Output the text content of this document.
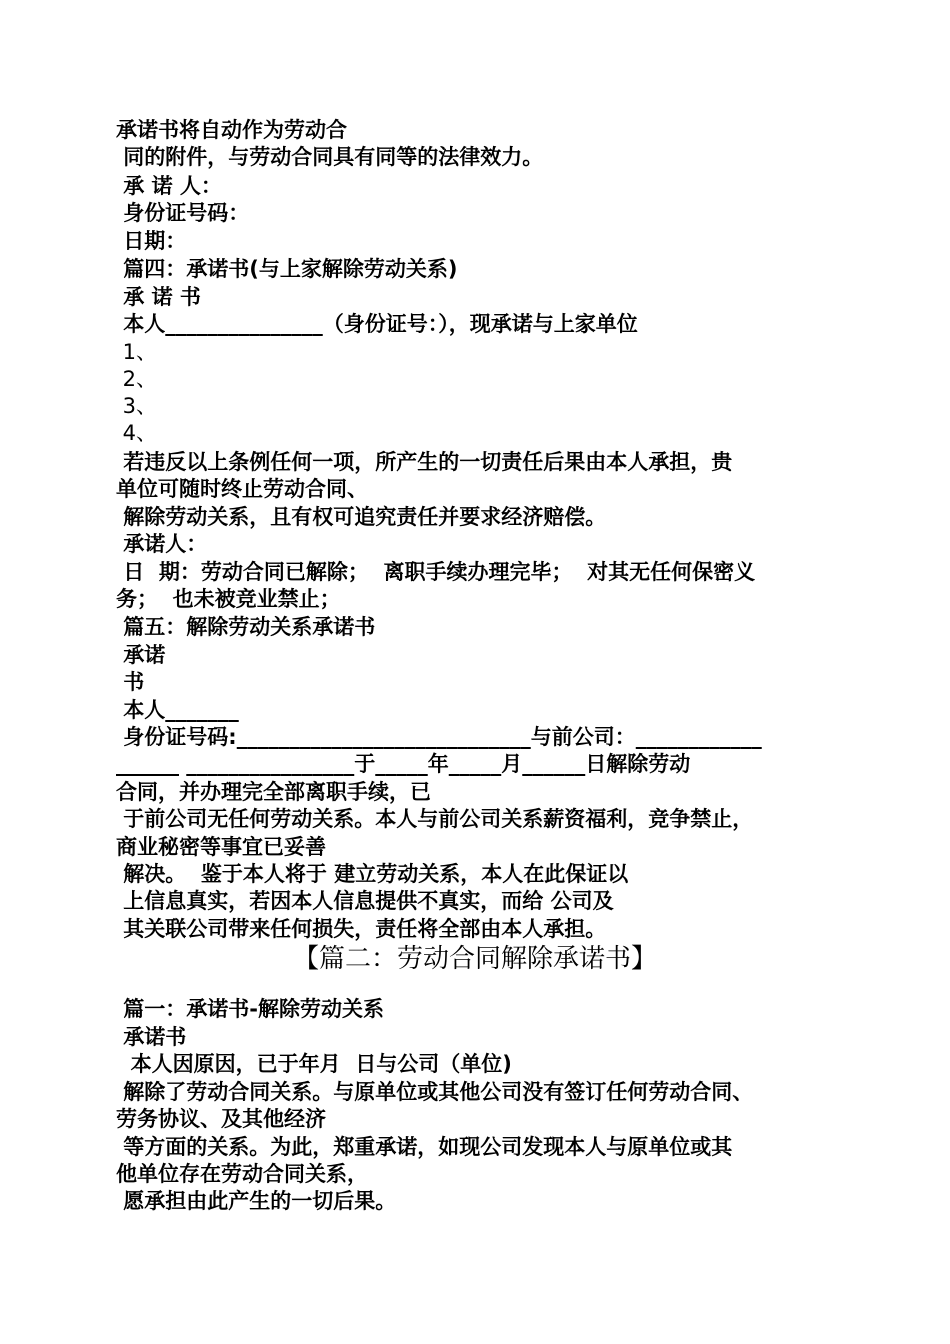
承诺书将自动作为劳动合
同的附件，与劳动合同具有同等的法律效力。
承 诺 人：
身份证号码：
日期：
篇四：承诺书(与上家解除劳动关系)
承 诺 书
本人_______________（身份证号：），现承诺与上家单位
1、
2、
3、
4、
若违反以上条例任何一项，所产生的一切责任后果由本人承担，贵
单位可随时终止劳动合同、
解除劳动关系，且有权可追究责任并要求经济赔偿。
承诺人：
日  期：劳动合同已解除；  离职手续办理完毕；  对其无任何保密义
务；  也未被竞业禁止；
篇五：解除劳动关系承诺书
承诺
书
本人_______
身份证号码:____________________________与前公司：____________
______ ________________于_____年_____月______日解除劳动
合同，并办理完全部离职手续，已
于前公司无任何劳动关系。本人与前公司关系薪资福利，竞争禁止，
商业秘密等事宜已妥善
解决。  鉴于本人将于 建立劳动关系，本人在此保证以
上信息真实，若因本人信息提供不真实，而给 公司及
其关联公司带来任何损失，责任将全部由本人承担。
【篇二：劳动合同解除承诺书】
篇一：承诺书-解除劳动关系
承诺书
本人因原因，已于年月  日与公司（单位)
解除了劳动合同关系。与原单位或其他公司没有签订任何劳动合同、
劳务协议、及其他经济
等方面的关系。为此，郑重承诺，如现公司发现本人与原单位或其
他单位存在劳动合同关系，
愿承担由此产生的一切后果。
